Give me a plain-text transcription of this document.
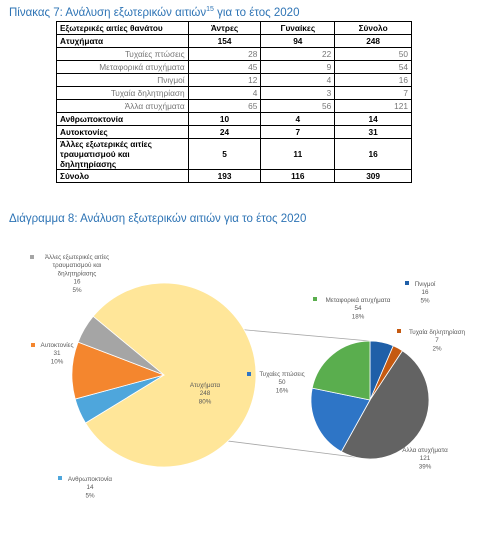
Πίνακας 7: Ανάλυση εξωτερικών αιτιών$^{15}$ για το έτος 2020
Εξωτερικές αιτίες θανάτου	Άντρες	Γυναίκες	Σύνολο
Ατυχήματα	154	94	248
Τυχαίες πτώσεις	28	22	50
Μεταφορικά ατυχήματα	45	9	54
Πνιγμοί	12	4	16
Τυχαία δηλητηρίαση	4	3	7
Άλλα ατυχήματα	65	56	121
Ανθρωποκτονία	10	4	14
Αυτοκτονίες	24	7	31
Άλλες εξωτερικές αιτίες τραυματισμού και δηλητηρίασης	5	11	16
Σύνολο	193	116	309
Διάγραμμα 8: Ανάλυση εξωτερικών αιτιών για το έτος 2020
Ατυχήματα 248 80%
Ανθρωποκτονία 14 5%
Αυτοκτονίες 31 10%
Άλλες εξωτερικές αιτίες τραυματισμού και δηλητηρίασης 16 5%
Πνιγμοί 16 5%
Τυχαία δηλητηρίαση 7 2%
Άλλα ατυχήματα 121 39%
Τυχαίες πτώσεις 50 16%
Μεταφορικά ατυχήματα 54 18%
